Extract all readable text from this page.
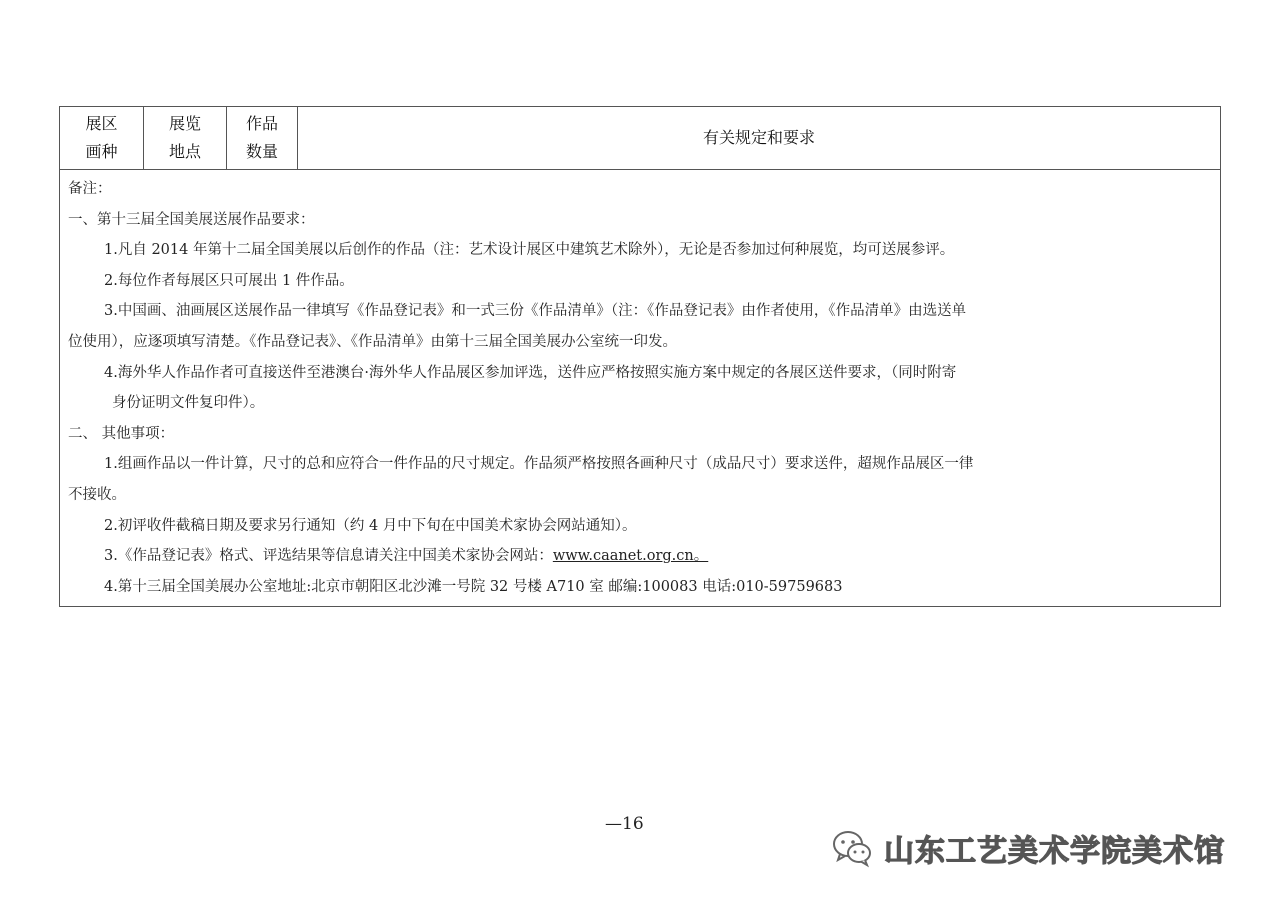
展区
画种
展览
地点
作品
数量
有关规定和要求
备注：
一、第十三届全国美展送展作品要求：
1.凡自 2014 年第十二届全国美展以后创作的作品（注：艺术设计展区中建筑艺术除外），无论是否参加过何种展览，均可送展参评。
2.每位作者每展区只可展出 1 件作品。
3.中国画、油画展区送展作品一律填写《作品登记表》和一式三份《作品清单》（注：《作品登记表》由作者使用，《作品清单》由选送单
位使用），应逐项填写清楚。《作品登记表》、《作品清单》由第十三届全国美展办公室统一印发。
4.海外华人作品作者可直接送件至港澳台·海外华人作品展区参加评选，送件应严格按照实施方案中规定的各展区送件要求，（同时附寄
身份证明文件复印件）。
二、 其他事项：
1.组画作品以一件计算，尺寸的总和应符合一件作品的尺寸规定。作品须严格按照各画种尺寸（成品尺寸）要求送件，超规作品展区一律
不接收。
2.初评收件截稿日期及要求另行通知（约 4 月中下旬在中国美术家协会网站通知）。
3.《作品登记表》格式、评选结果等信息请关注中国美术家协会网站：www.caanet.org.cn。
4.第十三届全国美展办公室地址:北京市朝阳区北沙滩一号院 32 号楼 A710 室 邮编:100083 电话:010-59759683
—16
山东工艺美术学院美术馆
